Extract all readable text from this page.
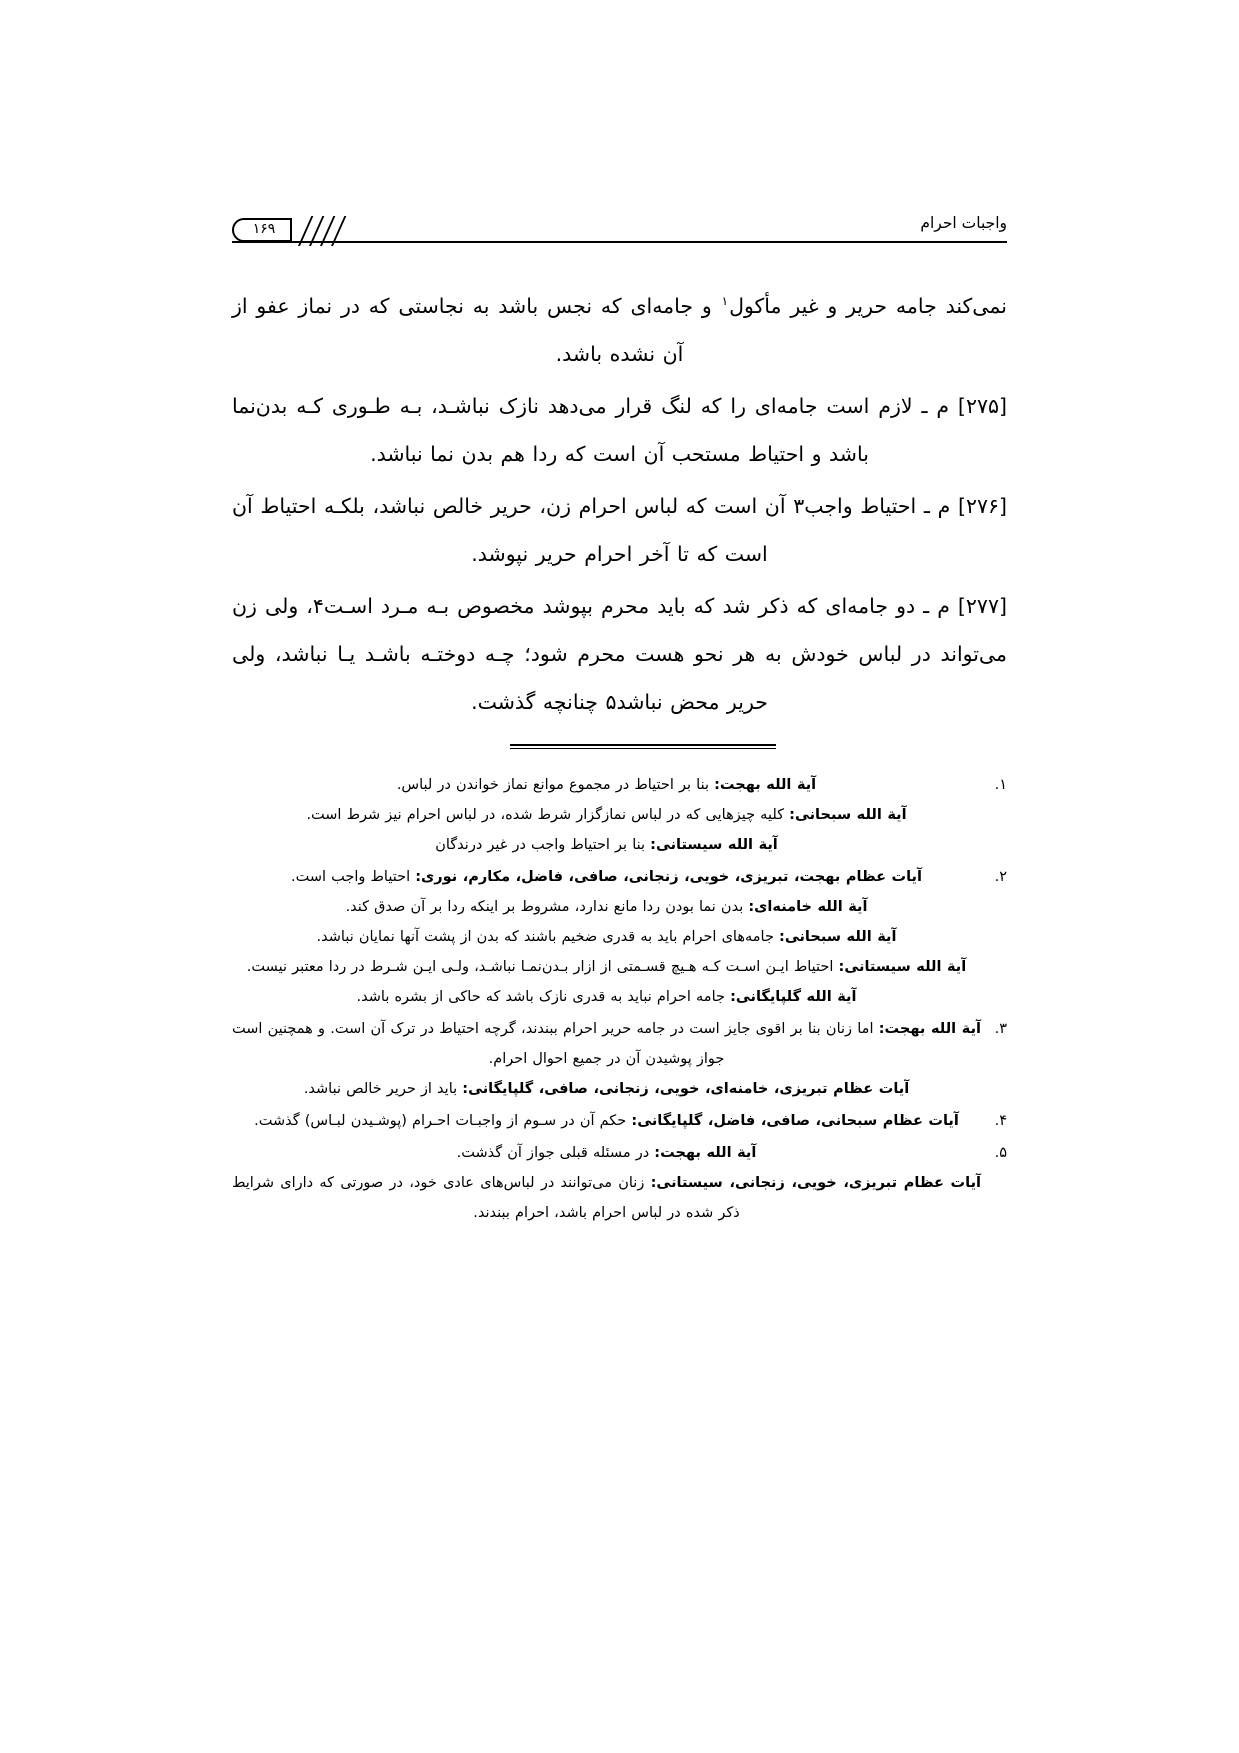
واجبات احرام
۱۶۹

نمی‌کند جامه حریر و غیر مأکول$^۱$ و جامه‌ای که نجس باشد به نجاستی که در نماز عفو از آن نشده باشد.

[۲۷۵] م ـ لازم است جامه‌ای را که لنگ قرار می‌دهد نازک نباشـد، بـه طـوری کـه بدن‌نما باشد و احتیاط مستحب آن است که ردا هم بدن نما نباشد.

[۲۷۶] م ـ احتیاط واجب۳ آن است که لباس احرام زن، حریر خالص نباشد، بلکـه احتیاط آن است که تا آخر احرام حریر نپوشد.

[۲۷۷] م ـ دو جامه‌ای که ذکر شد که باید محرم بپوشد مخصوص بـه مـرد اسـت۴، ولی زن می‌تواند در لباس خودش به هر نحو هست محرم شود؛ چـه دوختـه باشـد یـا نباشد، ولی حریر محض نباشد۵ چنانچه گذشت.

۱.

آیة الله بهجت: بنا بر احتیاط در مجموع موانع نماز خواندن در لباس.

آیة الله سبحانی: کلیه چیزهایی که در لباس نمازگزار شرط شده، در لباس احرام نیز شرط است.

آیة الله سیستانی: بنا بر احتیاط واجب در غیر درندگان

۲.

آیات عظام بهجت، تبریزی، خویی، زنجانی، صافی، فاضل، مکارم، نوری: احتیاط واجب است.

آیة الله خامنه‌ای: بدن نما بودن ردا مانع ندارد، مشروط بر اینکه ردا بر آن صدق کند.

آیة الله سبحانی: جامه‌های احرام باید به قدری ضخیم باشند که بدن از پشت آنها نمایان نباشد.

آیة الله سیستانی: احتیاط ایـن اسـت کـه هـیچ قسـمتی از ازار بـدن‌نمـا نباشـد، ولـی ایـن شـرط در ردا معتبر نیست.

آیة الله گلپایگانی: جامه احرام نباید به قدری نازک باشد که حاکی از بشره باشد.

۳.

آیة الله بهجت: اما زنان بنا بر اقوی جایز است در جامه حریر احرام ببندند، گرچه احتیاط در ترک آن است. و همچنین است جواز پوشیدن آن در جمیع احوال احرام.

آیات عظام تبریزی، خامنه‌ای، خویی، زنجانی، صافی، گلپایگانی: باید از حریر خالص نباشد.

۴.

آیات عظام سبحانی، صافی، فاضل، گلپایگانی: حکم آن در سـوم از واجبـات احـرام (پوشـیدن لبـاس) گذشت.

۵.

آیة الله بهجت: در مسئله قبلی جواز آن گذشت.

آیات عظام تبریزی، خویی، زنجانی، سیستانی: زنان می‌توانند در لباس‌های عادی خود، در صورتی که دارای شرایط ذکر شده در لباس احرام باشد، احرام ببندند.
